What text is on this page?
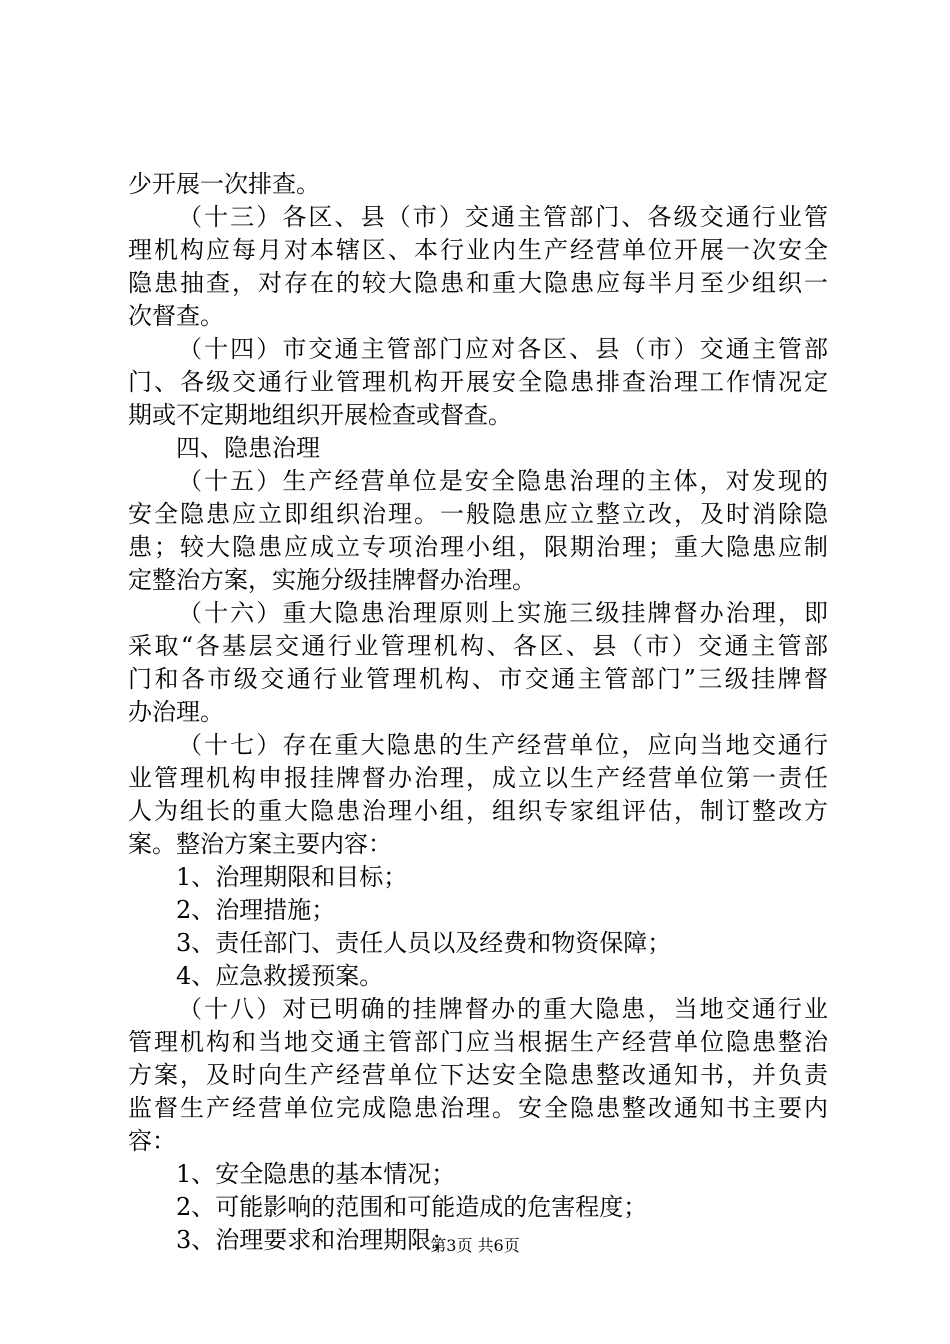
少开展一次排查。
（十三）各区、县（市）交通主管部门、各级交通行业管
理机构应每月对本辖区、本行业内生产经营单位开展一次安全
隐患抽查，对存在的较大隐患和重大隐患应每半月至少组织一
次督查。
（十四）市交通主管部门应对各区、县（市）交通主管部
门、各级交通行业管理机构开展安全隐患排查治理工作情况定
期或不定期地组织开展检查或督查。
四、隐患治理
（十五）生产经营单位是安全隐患治理的主体，对发现的
安全隐患应立即组织治理。一般隐患应立整立改，及时消除隐
患；较大隐患应成立专项治理小组，限期治理；重大隐患应制
定整治方案，实施分级挂牌督办治理。
（十六）重大隐患治理原则上实施三级挂牌督办治理，即
采取“各基层交通行业管理机构、各区、县（市）交通主管部
门和各市级交通行业管理机构、市交通主管部门”三级挂牌督
办治理。
（十七）存在重大隐患的生产经营单位，应向当地交通行
业管理机构申报挂牌督办治理，成立以生产经营单位第一责任
人为组长的重大隐患治理小组，组织专家组评估，制订整改方
案。整治方案主要内容：
1、治理期限和目标；
2、治理措施；
3、责任部门、责任人员以及经费和物资保障；
4、应急救援预案。
（十八）对已明确的挂牌督办的重大隐患，当地交通行业
管理机构和当地交通主管部门应当根据生产经营单位隐患整治
方案，及时向生产经营单位下达安全隐患整改通知书，并负责
监督生产经营单位完成隐患治理。安全隐患整改通知书主要内
容：
1、安全隐患的基本情况；
2、可能影响的范围和可能造成的危害程度；
3、治理要求和治理期限；
第3页 共6页
